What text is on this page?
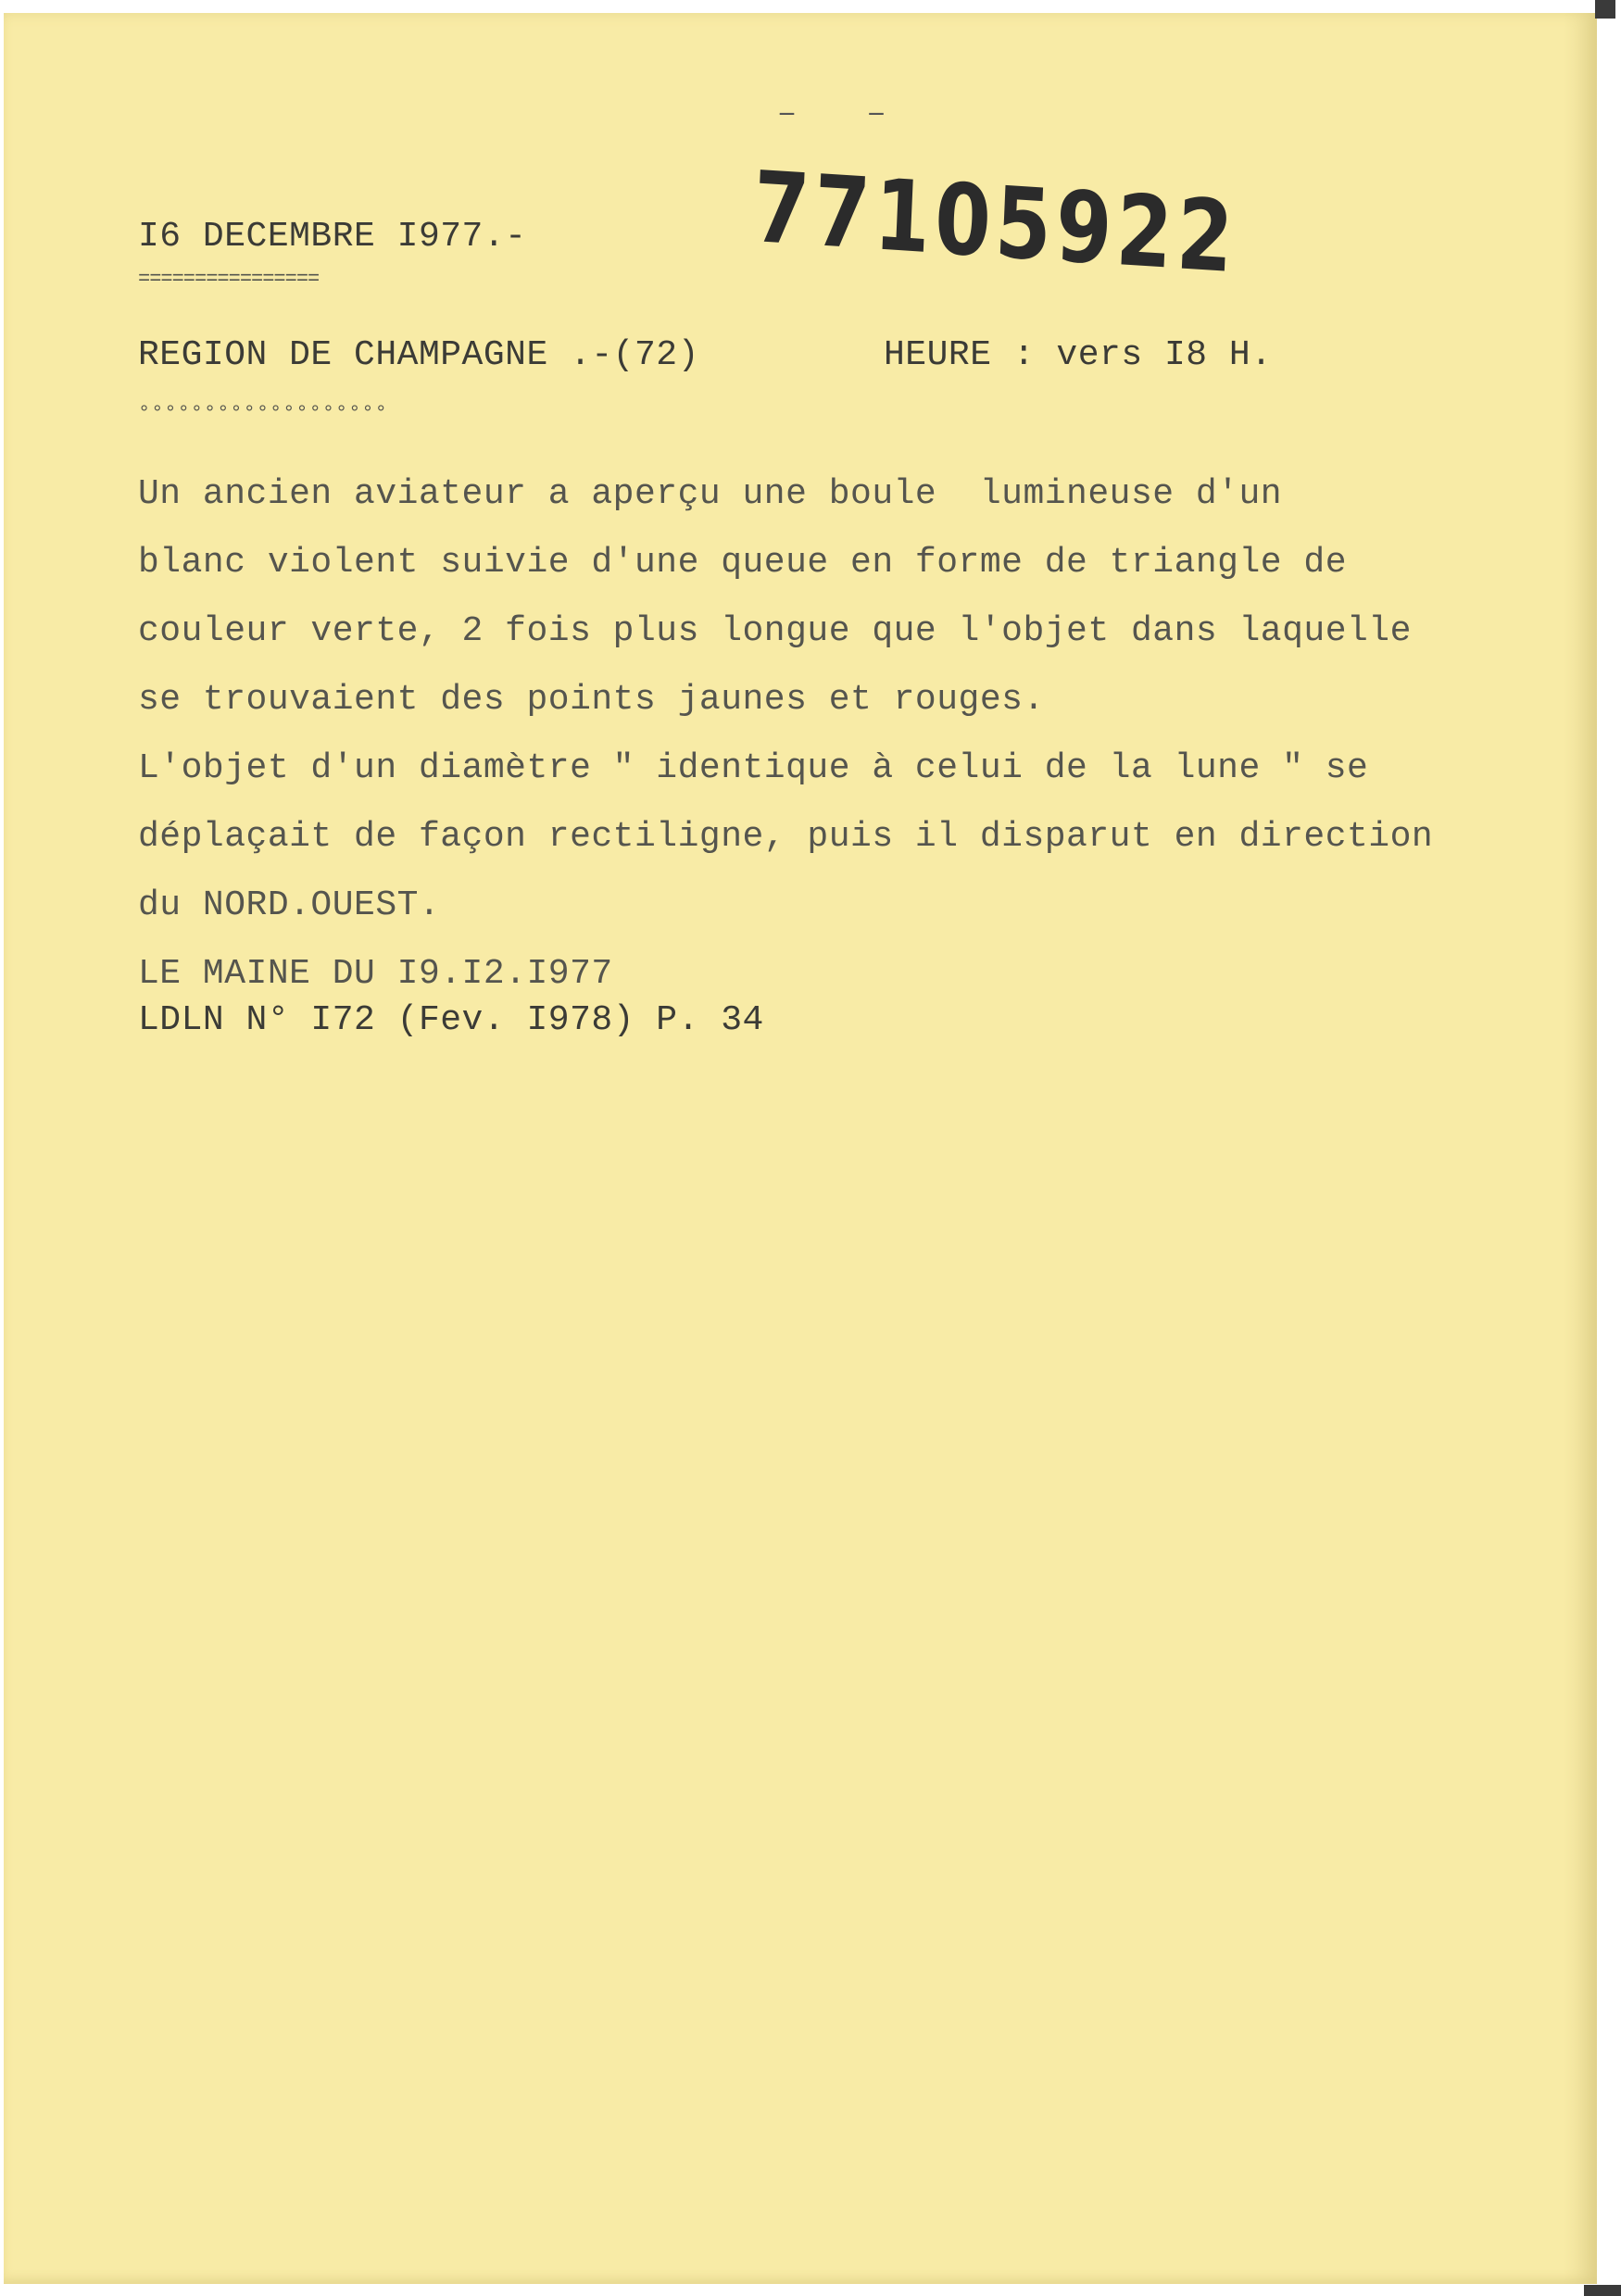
‾ ‾
77105922
I6 DECEMBRE I977.-
================
REGION DE CHAMPAGNE .-(72)	HEURE : vers I8 H.
°°°°°°°°°°°°°°°°°°°
Un ancien aviateur a aperçu une boule  lumineuse d'un
blanc violent suivie d'une queue en forme de triangle de
couleur verte, 2 fois plus longue que l'objet dans laquelle
se trouvaient des points jaunes et rouges.
L'objet d'un diamètre " identique à celui de la lune " se
déplaçait de façon rectiligne, puis il disparut en direction
du NORD.OUEST.
LE MAINE DU I9.I2.I977
LDLN N° I72 (Fev. I978) P. 34
